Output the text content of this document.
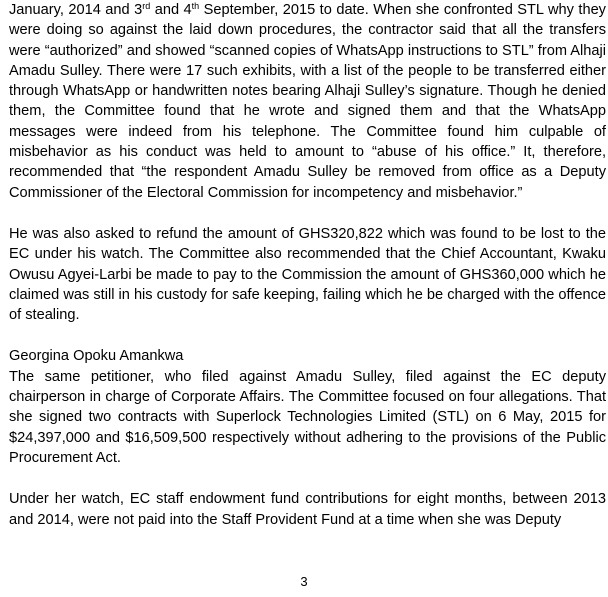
January, 2014 and 3rd and 4th September, 2015 to date. When she confronted STL why they were doing so against the laid down procedures, the contractor said that all the transfers were “authorized” and showed “scanned copies of WhatsApp instructions to STL” from Alhaji Amadu Sulley. There were 17 such exhibits, with a list of the people to be transferred either through WhatsApp or handwritten notes bearing Alhaji Sulley’s signature. Though he denied them, the Committee found that he wrote and signed them and that the WhatsApp messages were indeed from his telephone. The Committee found him culpable of misbehavior as his conduct was held to amount to “abuse of his office.” It, therefore, recommended that “the respondent Amadu Sulley be removed from office as a Deputy Commissioner of the Electoral Commission for incompetency and misbehavior.”

He was also asked to refund the amount of GHS320,822 which was found to be lost to the EC under his watch. The Committee also recommended that the Chief Accountant, Kwaku Owusu Agyei-Larbi be made to pay to the Commission the amount of GHS360,000 which he claimed was still in his custody for safe keeping, failing which he be charged with the offence of stealing.

Georgina Opoku Amankwa

The same petitioner, who filed against Amadu Sulley, filed against the EC deputy chairperson in charge of Corporate Affairs. The Committee focused on four allegations. That she signed two contracts with Superlock Technologies Limited (STL) on 6 May, 2015 for $24,397,000 and $16,509,500 respectively without adhering to the provisions of the Public Procurement Act.

Under her watch, EC staff endowment fund contributions for eight months, between 2013 and 2014, were not paid into the Staff Provident Fund at a time when she was Deputy

3
